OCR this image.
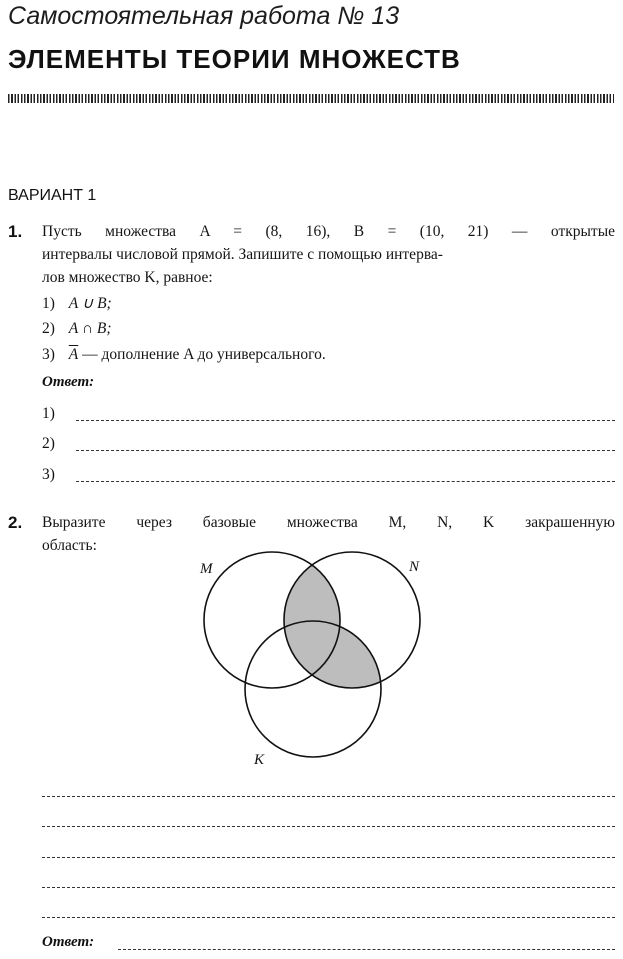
Самостоятельная работа № 13
ЭЛЕМЕНТЫ ТЕОРИИ МНОЖЕСТВ
ВАРИАНТ 1
1. Пусть множества A = (8, 16), B = (10, 21) — открытые
интервалы числовой прямой. Запишите с помощью интерва-
лов множество K, равное:
1) A ∪ B;
2) A ∩ B;
3) $\overline{A}$ — дополнение A до универсального.
Ответ:
1)
2)
3)
2. Выразите через базовые множества M, N, K закрашенную
область:
M	N
K
Ответ:
